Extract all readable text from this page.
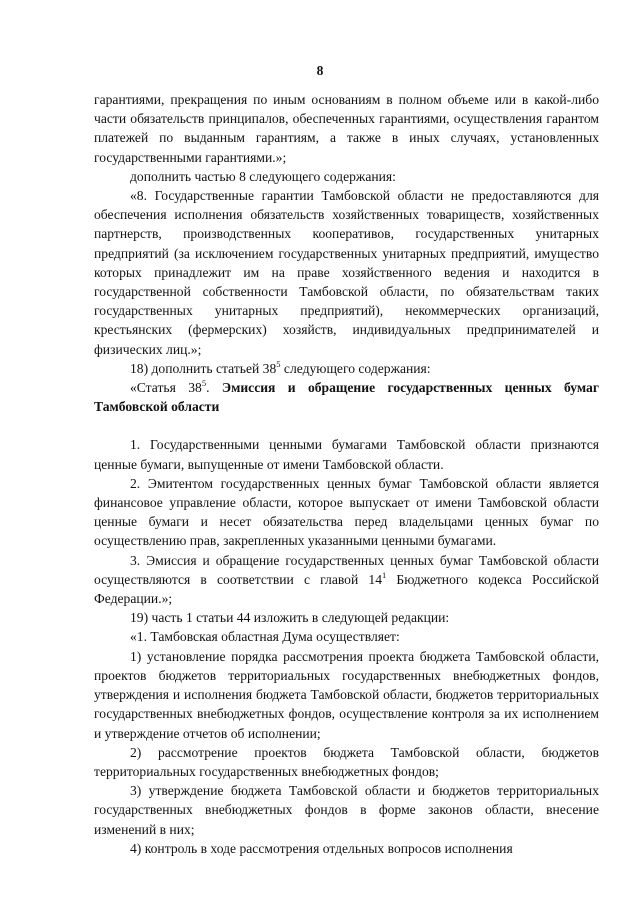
8

гарантиями, прекращения по иным основаниям в полном объеме или в какой-либо части обязательств принципалов, обеспеченных гарантиями, осуществления гарантом платежей по выданным гарантиям, а также в иных случаях, установленных государственными гарантиями.»;

дополнить частью 8 следующего содержания:

«8. Государственные гарантии Тамбовской области не предоставляются для обеспечения исполнения обязательств хозяйственных товариществ, хозяйственных партнерств, производственных кооперативов, государственных унитарных предприятий (за исключением государственных унитарных предприятий, имущество которых принадлежит им на праве хозяйственного ведения и находится в государственной собственности Тамбовской области, по обязательствам таких государственных унитарных предприятий), некоммерческих организаций, крестьянских (фермерских) хозяйств, индивидуальных предпринимателей и физических лиц.»;

18) дополнить статьей $38^5$ следующего содержания:

«Статья $38^5$. Эмиссия и обращение государственных ценных бумаг Тамбовской области

1. Государственными ценными бумагами Тамбовской области признаются ценные бумаги, выпущенные от имени Тамбовской области.

2. Эмитентом государственных ценных бумаг Тамбовской области является финансовое управление области, которое выпускает от имени Тамбовской области ценные бумаги и несет обязательства перед владельцами ценных бумаг по осуществлению прав, закрепленных указанными ценными бумагами.

3. Эмиссия и обращение государственных ценных бумаг Тамбовской области осуществляются в соответствии с главой $14^1$ Бюджетного кодекса Российской Федерации.»;

19) часть 1 статьи 44 изложить в следующей редакции:

«1. Тамбовская областная Дума осуществляет:

1) установление порядка рассмотрения проекта бюджета Тамбовской области, проектов бюджетов территориальных государственных внебюджетных фондов, утверждения и исполнения бюджета Тамбовской области, бюджетов территориальных государственных внебюджетных фондов, осуществление контроля за их исполнением и утверждение отчетов об исполнении;

2) рассмотрение проектов бюджета Тамбовской области, бюджетов территориальных государственных внебюджетных фондов;

3) утверждение бюджета Тамбовской области и бюджетов территориальных государственных внебюджетных фондов в форме законов области, внесение изменений в них;

4) контроль в ходе рассмотрения отдельных вопросов исполнения
